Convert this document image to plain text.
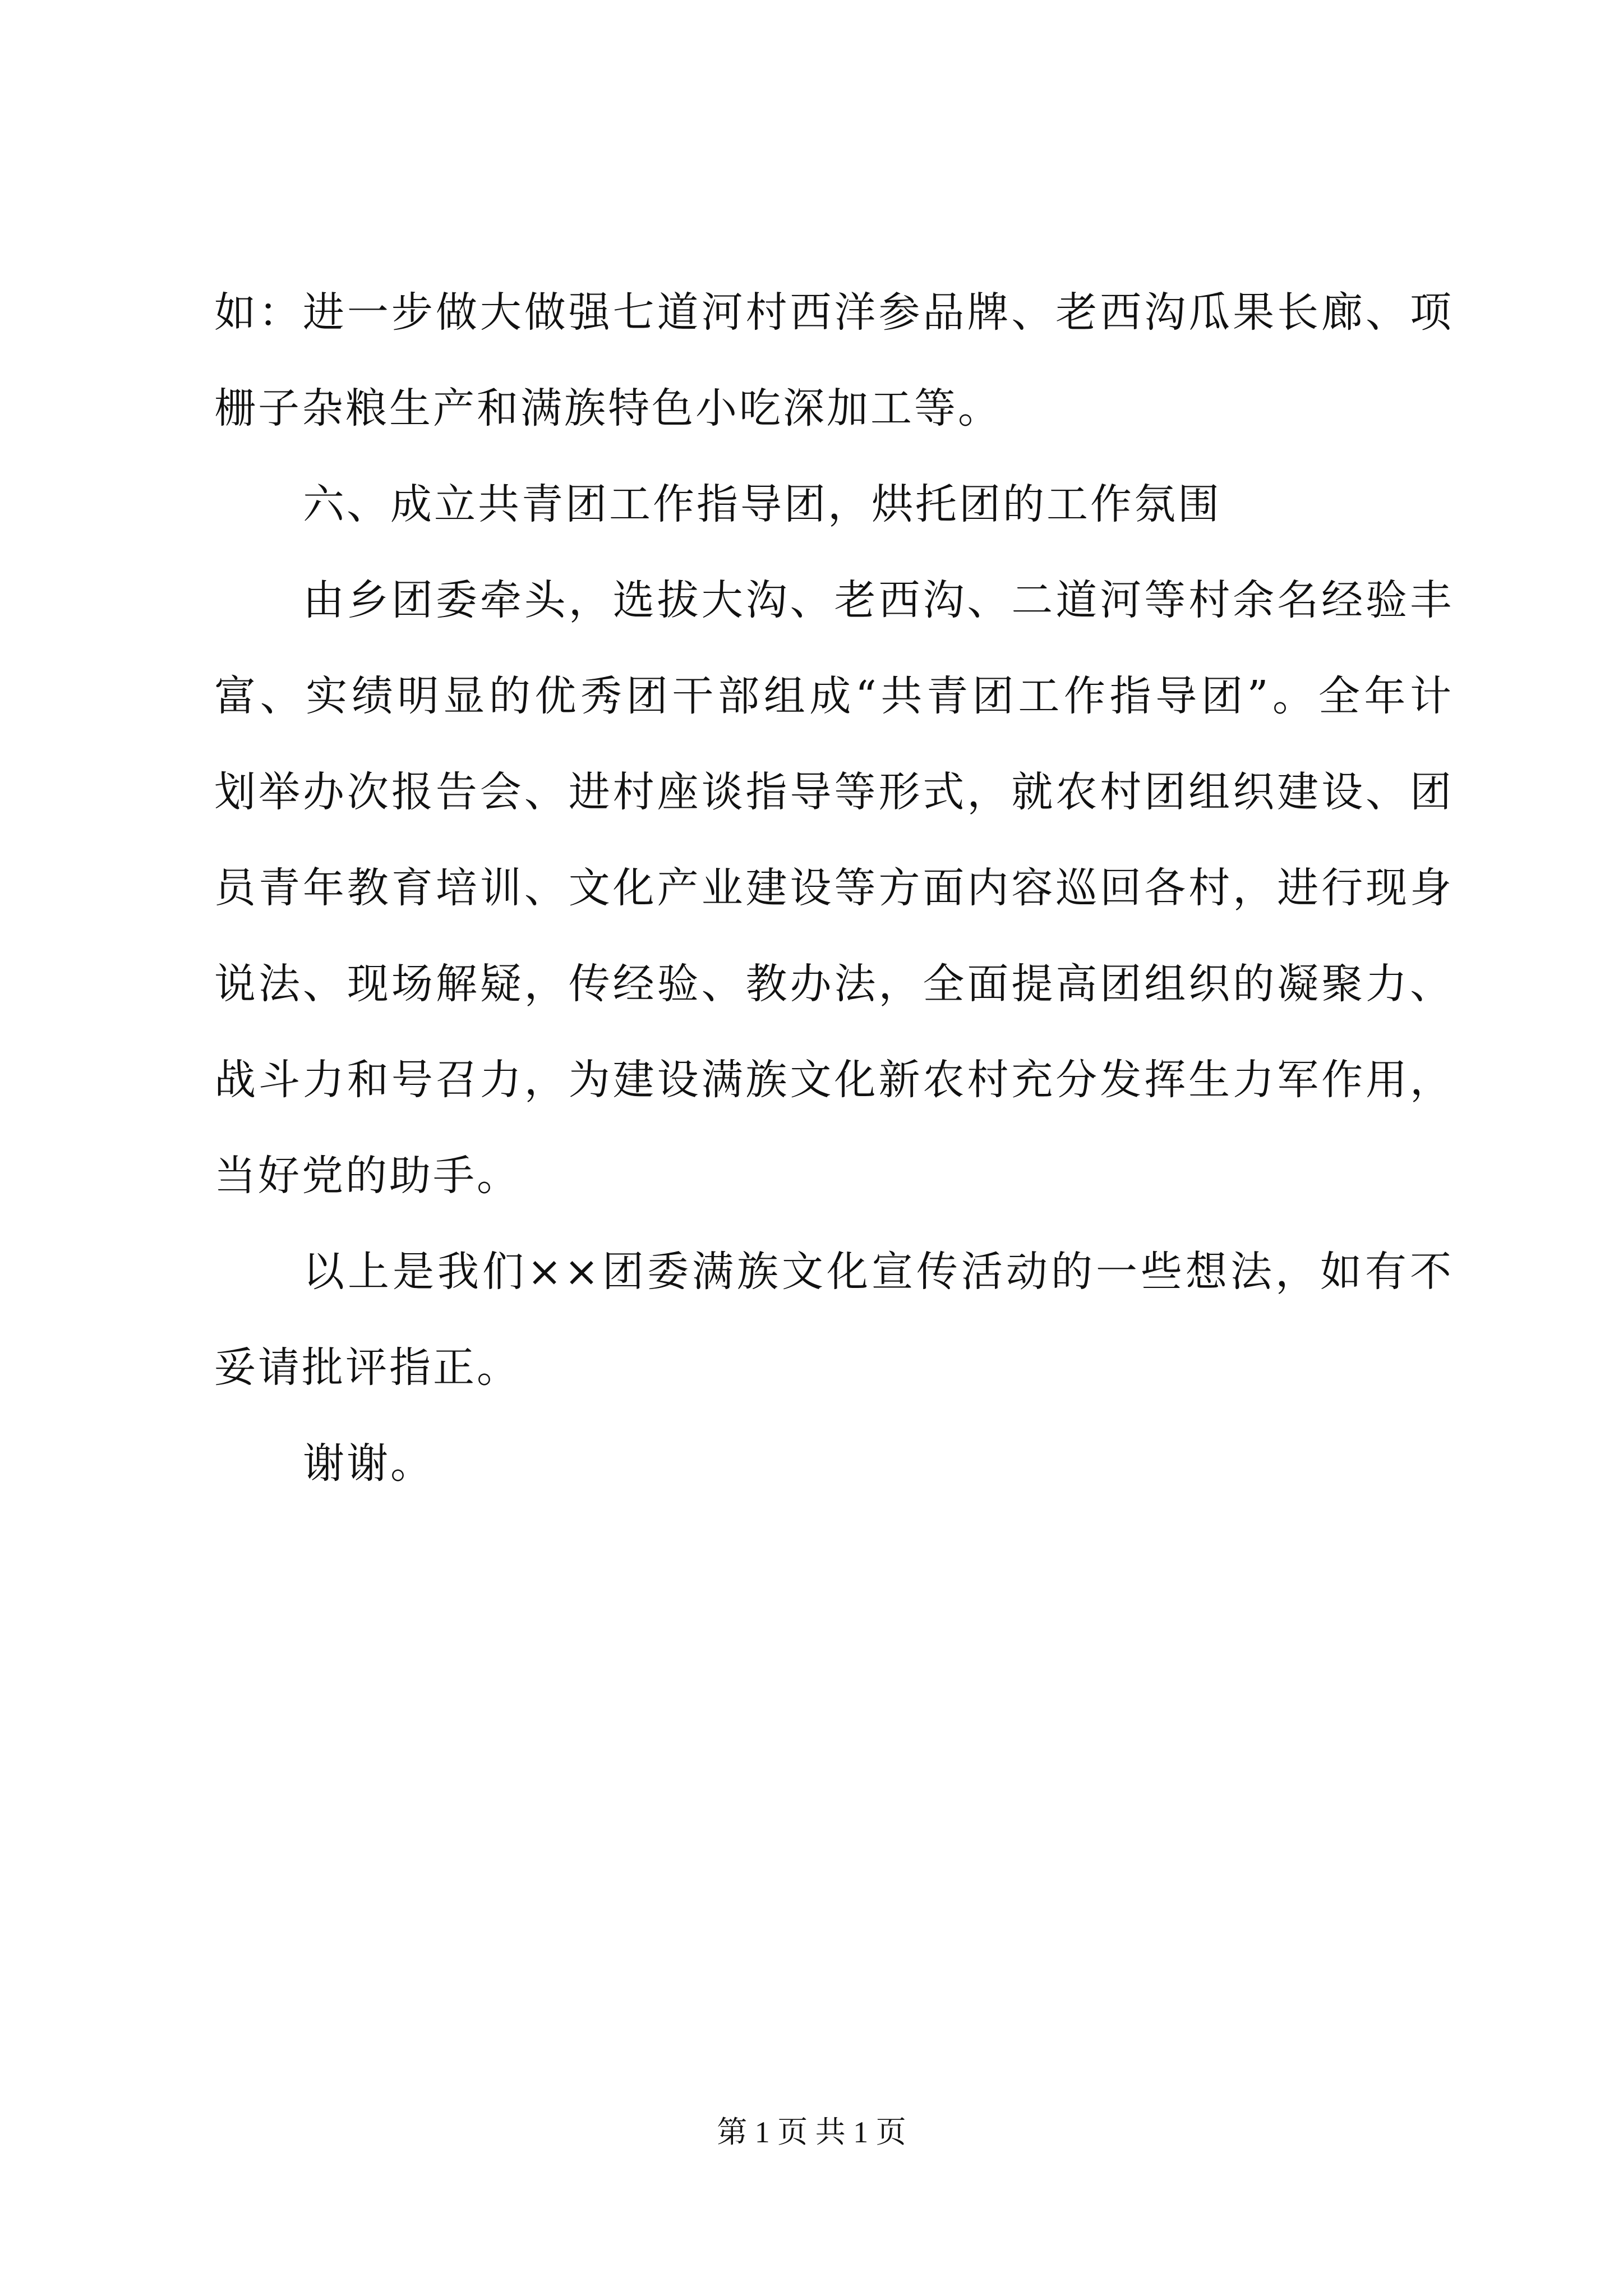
如：进一步做大做强七道河村西洋参品牌、老西沟瓜果长廊、项
栅子杂粮生产和满族特色小吃深加工等。
六、成立共青团工作指导团，烘托团的工作氛围
由乡团委牵头，选拔大沟、老西沟、二道河等村余名经验丰
富、实绩明显的优秀团干部组成“共青团工作指导团”。全年计
划举办次报告会、进村座谈指导等形式，就农村团组织建设、团
员青年教育培训、文化产业建设等方面内容巡回各村，进行现身
说法、现场解疑，传经验、教办法，全面提高团组织的凝聚力、
战斗力和号召力，为建设满族文化新农村充分发挥生力军作用，
当好党的助手。
以上是我们××团委满族文化宣传活动的一些想法，如有不
妥请批评指正。
谢谢。
第 1 页 共 1 页
